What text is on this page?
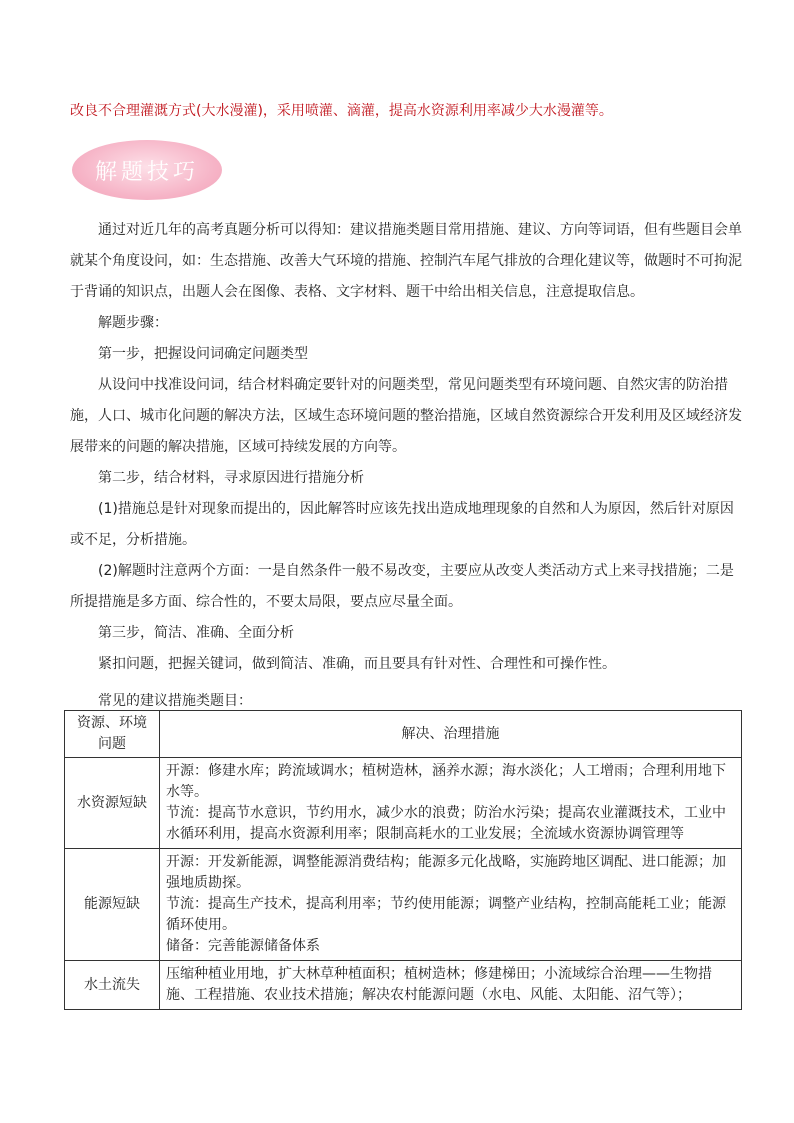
改良不合理灌溉方式(大水漫灌)，采用喷灌、滴灌，提高水资源利用率减少大水漫灌等。
解题技巧

通过对近几年的高考真题分析可以得知：建议措施类题目常用措施、建议、方向等词语，但有些题目会单就某个角度设问，如：生态措施、改善大气环境的措施、控制汽车尾气排放的合理化建议等，做题时不可拘泥于背诵的知识点，出题人会在图像、表格、文字材料、题干中给出相关信息，注意提取信息。

解题步骤：

第一步，把握设问词确定问题类型

从设问中找准设问词，结合材料确定要针对的问题类型，常见问题类型有环境问题、自然灾害的防治措施，人口、城市化问题的解决方法，区域生态环境问题的整治措施，区域自然资源综合开发利用及区域经济发展带来的问题的解决措施，区域可持续发展的方向等。

第二步，结合材料，寻求原因进行措施分析

(1)措施总是针对现象而提出的，因此解答时应该先找出造成地理现象的自然和人为原因，然后针对原因或不足，分析措施。

(2)解题时注意两个方面：一是自然条件一般不易改变，主要应从改变人类活动方式上来寻找措施；二是所提措施是多方面、综合性的，不要太局限，要点应尽量全面。

第三步，简洁、准确、全面分析

紧扣问题，把握关键词，做到简洁、准确，而且要具有针对性、合理性和可操作性。

常见的建议措施类题目：
资源、环境问题	解决、治理措施
水资源短缺	开源：修建水库；跨流域调水；植树造林，涵养水源；海水淡化；人工增雨；合理利用地下水等。
节流：提高节水意识，节约用水，减少水的浪费；防治水污染；提高农业灌溉技术，工业中水循环利用，提高水资源利用率；限制高耗水的工业发展；全流域水资源协调管理等

能源短缺	开源：开发新能源，调整能源消费结构；能源多元化战略，实施跨地区调配、进口能源；加强地质勘探。
节流：提高生产技术，提高利用率；节约使用能源；调整产业结构，控制高能耗工业；能源循环使用。
储备：完善能源储备体系

水土流失	压缩种植业用地，扩大林草种植面积；植树造林；修建梯田；小流域综合治理——生物措施、工程措施、农业技术措施；解决农村能源问题（水电、风能、太阳能、沼气等）；
